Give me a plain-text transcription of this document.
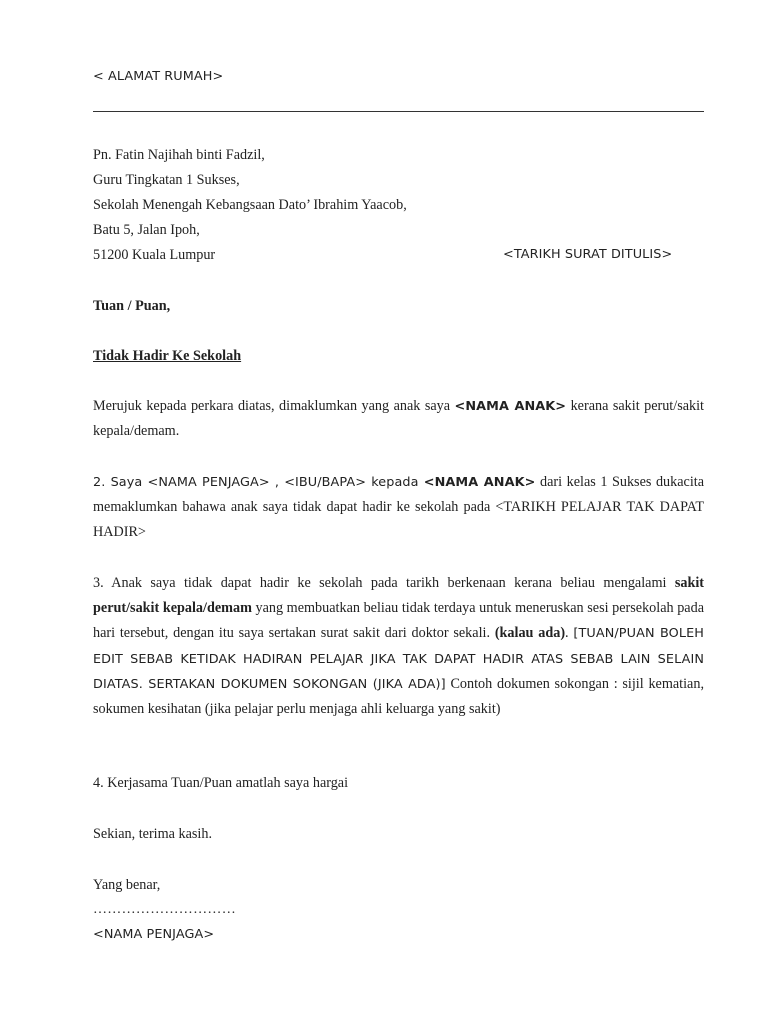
< ALAMAT RUMAH>
Pn. Fatin Najihah binti Fadzil,
Guru Tingkatan 1 Sukses,
Sekolah Menengah Kebangsaan Dato’ Ibrahim Yaacob,
Batu 5, Jalan Ipoh,
51200 Kuala Lumpur	<TARIKH SURAT DITULIS>
Tuan / Puan,
Tidak Hadir Ke Sekolah
Merujuk kepada perkara diatas, dimaklumkan yang anak saya <NAMA ANAK> kerana sakit perut/sakit kepala/demam.
2. Saya <NAMA PENJAGA> , <IBU/BAPA> kepada <NAMA ANAK> dari kelas 1 Sukses dukacita memaklumkan bahawa anak saya tidak dapat hadir ke sekolah pada <TARIKH PELAJAR TAK DAPAT HADIR>
3. Anak saya tidak dapat hadir ke sekolah pada tarikh berkenaan kerana beliau mengalami sakit perut/sakit kepala/demam yang membuatkan beliau tidak terdaya untuk meneruskan sesi persekolah pada hari tersebut, dengan itu saya sertakan surat sakit dari doktor sekali. (kalau ada). [TUAN/PUAN BOLEH EDIT SEBAB KETIDAK HADIRAN PELAJAR JIKA TAK DAPAT HADIR ATAS SEBAB LAIN SELAIN DIATAS. SERTAKAN DOKUMEN SOKONGAN (JIKA ADA)] Contoh dokumen sokongan : sijil kematian, sokumen kesihatan (jika pelajar perlu menjaga ahli keluarga yang sakit)
4. Kerjasama Tuan/Puan amatlah saya hargai
Sekian, terima kasih.
Yang benar,
…………………………
<NAMA PENJAGA>
